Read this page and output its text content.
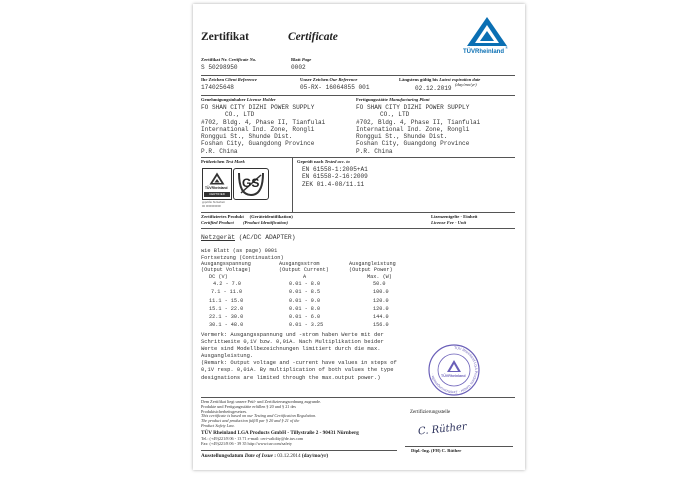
Zertifikat	Certificate
TÜVRheinland
®
Zertifikat Nr. Certificate No.
S 50298950
Blatt Page
0002
Ihr Zeichen Client Reference
174025648
Unser Zeichen Our Reference
05-RX- 16064855 001
Längstens gültig bis Latest expiration date
(day/mo/yr)
02.12.2019
Genehmigungsinhaber License Holder
FO SHAN CITY DIZHI POWER SUPPLY
CO., LTD
#702, Bldg. 4, Phase II, Tianfulai
International Ind. Zone, Rongli
Ronggui St., Shunde Dist.
Foshan City, Guangdong Province
P.R. China
Fertigungsstätte Manufacturing Plant
FO SHAN CITY DIZHI POWER SUPPLY
CO., LTD
#702, Bldg. 4, Phase II, Tianfulai
International Ind. Zone, Rongli
Ronggui St., Shunde Dist.
Foshan City, Guangdong Province
P.R. China
Prüfzeichen Test Mark
TÜVRheinland
CERTIFIED
GS
geprüfte Sicherheit
ID 0000000000
Geprüft nach Tested acc. to
EN 61558-1:2005+A1
EN 61558-2-16:2009
ZEK 01.4-08/11.11
Zertifiziertes Produkt (Geräteidentifikation)
Certified Product (Product Identification)
Lizenzentgelte - Einheit
License Fee - Unit
Netzgerät (AC/DC ADAPTER)
wie Blatt (as page) 0001
Fortsetzung (Continuation)
Ausgangsspannung	Ausgangsstrom	Ausgangleistung
(Output Voltage)	(Output Current)	(Output Power)
DC (V)	A	Max. (W)
4.2 - 7.0	0.01 - 8.0	50.0
7.1 - 11.0	0.01 - 8.5	100.0
11.1 - 15.0	0.01 - 9.0	120.0
15.1 - 22.0	0.01 - 8.0	120.0
22.1 - 30.0	0.01 - 6.0	144.0
30.1 - 48.0	0.01 - 3.25	156.0
Vermerk: Ausgangsspannung und -strom haben Werte mit der
Schrittweite 0,1V bzw. 0,01A. Nach Multiplikation beider
Werte sind Modellbezeichnungen limitiert durch die max.
Ausgangleistung.
(Remark: Output voltage and -current have values in steps of
0,1V resp. 0,01A. By multiplication of both values the type
designations are limited through the max.output power.)
TÜV Rheinland LGA Products GmbH · Zertifizierungsstelle ·
TÜVRheinland
Dem Zertifikat liegt unsere Prüf- und Zertifizierungsordnung zugrunde.
Produkte und Fertigungsstätte erfüllen § 20 und § 21 des
Produktsicherheitsgesetzes.
This certificate is based on our Testing and Certification Regulation.
The product and production fulfill par § 20 and § 21 of the
Product Safety Law.
TÜV Rheinland LGA Products GmbH - Tillystraße 2 - 90431 Nürnberg
Tel.: (+49)221/8 06 - 13 71 e-mail: cert-validity@de.tuv.com
Fax: (+49)221/8 06 - 39 35 http://www.tuv.com/safety
Zertifizierungsstelle
C. Rüther
Dipl.-Ing. (FH) C. Rüther
Ausstellungsdatum Date of Issue : 03.12.2014 (day/mo/yr)
